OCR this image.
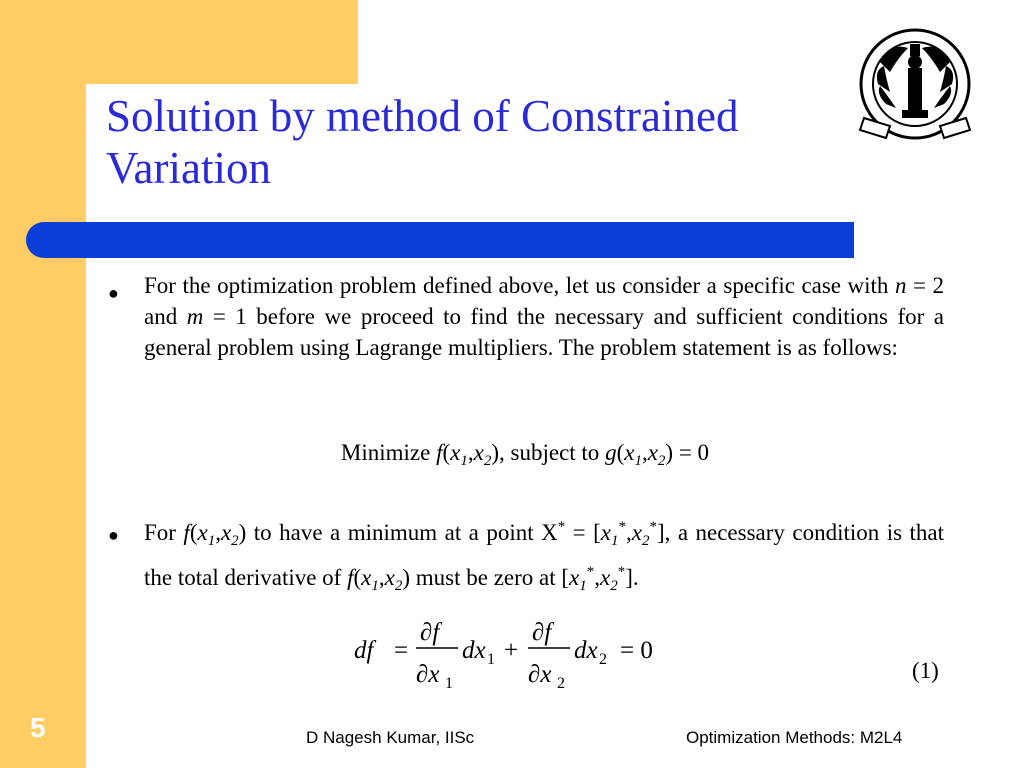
Solution by method of Constrained Variation
● For the optimization problem defined above, let us consider a specific case with n = 2 and m = 1 before we proceed to find the necessary and sufficient conditions for a general problem using Lagrange multipliers. The problem statement is as follows:
Minimize $f(x_1,x_2)$, subject to $g(x_1,x_2) = 0$
● For $f(x_1,x_2)$ to have a minimum at a point $X^* = [x_1^*,x_2^*]$, a necessary condition is that the total derivative of $f(x_1,x_2)$ must be zero at $[x_1^*,x_2^*]$.
df =
∂f
∂x 1
dx 1 +
∂f
∂x 2
dx 2 = 0
(1)
5	D Nagesh Kumar, IISc	Optimization Methods: M2L4
